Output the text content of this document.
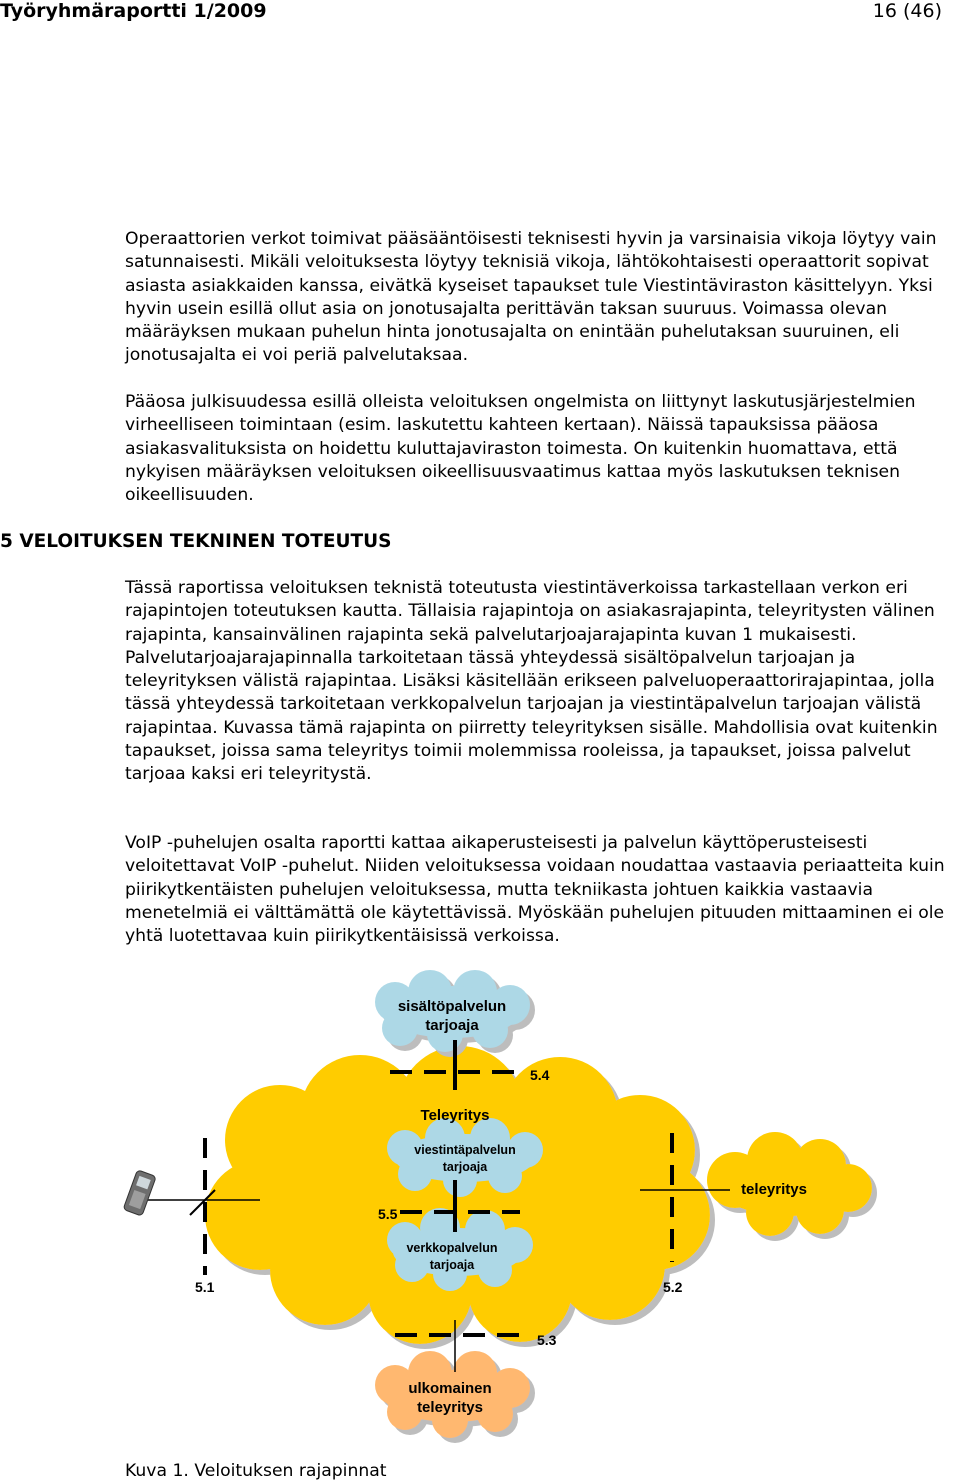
Työryhmäraportti 1/2009	16 (46)

Operaattorien verkot toimivat pääsääntöisesti teknisesti hyvin ja varsinaisia vikoja löytyy vain satunnaisesti. Mikäli veloituksesta löytyy teknisiä vikoja, lähtökohtaisesti operaattorit sopivat asiasta asiakkaiden kanssa, eivätkä kyseiset tapaukset tule Viestintäviraston käsittelyyn. Yksi hyvin usein esillä ollut asia on jonotusajalta perittävän taksan suuruus. Voimassa olevan määräyksen mukaan puhelun hinta jonotusajalta on enintään puhelutaksan suuruinen, eli jonotusajalta ei voi periä palvelutaksaa.

Pääosa julkisuudessa esillä olleista veloituksen ongelmista on liittynyt laskutusjärjestelmien virheelliseen toimintaan (esim. laskutettu kahteen kertaan). Näissä tapauksissa pääosa asiakasvalituksista on hoidettu kuluttajaviraston toimesta. On kuitenkin huomattava, että nykyisen määräyksen veloituksen oikeellisuusvaatimus kattaa myös laskutuksen teknisen oikeellisuuden.

5 VELOITUKSEN TEKNINEN TOTEUTUS

Tässä raportissa veloituksen teknistä toteutusta viestintäverkoissa tarkastellaan verkon eri rajapintojen toteutuksen kautta. Tällaisia rajapintoja on asiakasrajapinta, teleyritysten välinen rajapinta, kansainvälinen rajapinta sekä palvelutarjoajarajapinta kuvan 1 mukaisesti. Palvelutarjoajarajapinnalla tarkoitetaan tässä yhteydessä sisältöpalvelun tarjoajan ja teleyrityksen välistä rajapintaa. Lisäksi käsitellään erikseen palveluoperaattorirajapintaa, jolla tässä yhteydessä tarkoitetaan verkkopalvelun tarjoajan ja viestintäpalvelun tarjoajan välistä rajapintaa. Kuvassa tämä rajapinta on piirretty teleyrityksen sisälle. Mahdollisia ovat kuitenkin tapaukset, joissa sama teleyritys toimii molemmissa rooleissa, ja tapaukset, joissa palvelut tarjoaa kaksi eri teleyritystä.

VoIP -puhelujen osalta raportti kattaa aikaperusteisesti ja palvelun käyttöperusteisesti veloitettavat VoIP -puhelut. Niiden veloituksessa voidaan noudattaa vastaavia periaatteita kuin piirikytkentäisten puhelujen veloituksessa, mutta tekniikasta johtuen kaikkia vastaavia menetelmiä ei välttämättä ole käytettävissä. Myöskään puhelujen pituuden mittaaminen ei ole yhtä luotettavaa kuin piirikytkentäisissä verkoissa.

sisältöpalvelun
tarjoaja
Teleyritys
viestintäpalvelun
tarjoaja
verkkopalvelun
tarjoaja
teleyritys
ulkomainen
teleyritys
5.1	5.2
5.3
5.4
5.5
Kuva 1. Veloituksen rajapinnat
